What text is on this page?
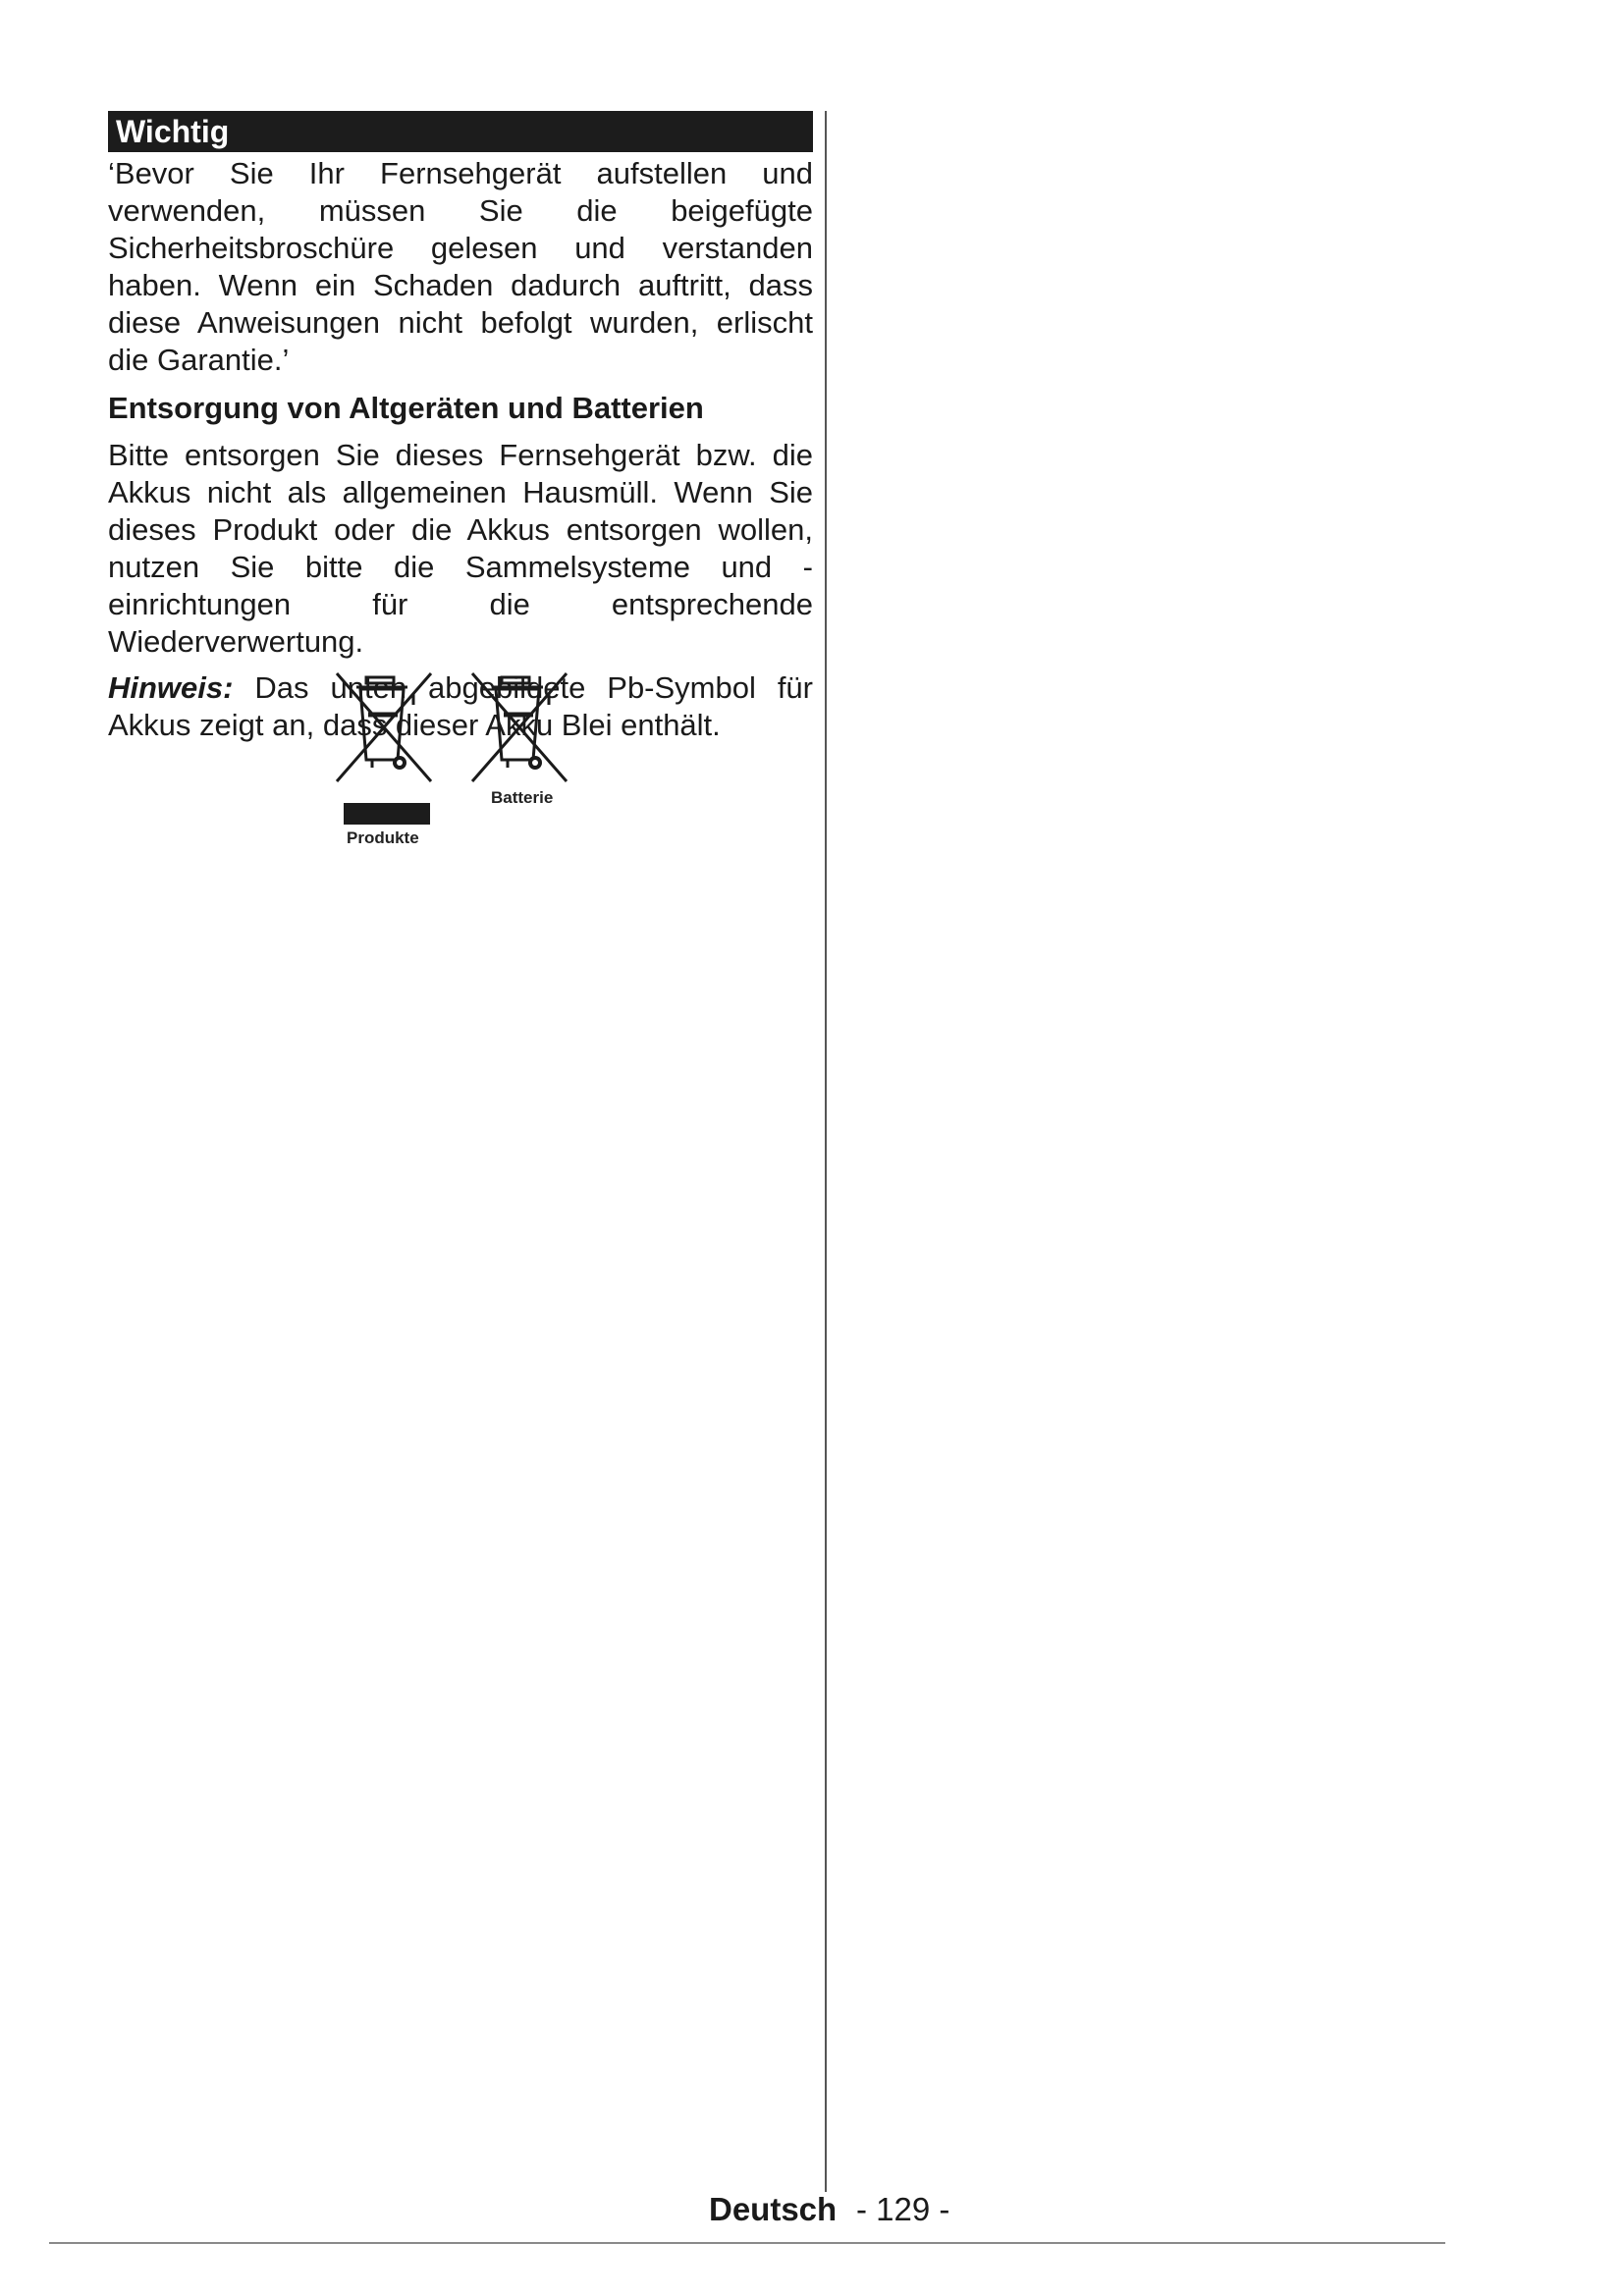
Wichtig

‘Bevor Sie Ihr Fernsehgerät aufstellen und verwenden, müssen Sie die beigefügte Sicherheitsbroschüre gelesen und verstanden haben. Wenn ein Schaden dadurch auftritt, dass diese Anweisungen nicht befolgt wurden, erlischt die Garantie.’

Entsorgung von Altgeräten und Batterien

Bitte entsorgen Sie dieses Fernsehgerät bzw. die Akkus nicht als allgemeinen Hausmüll. Wenn Sie dieses Produkt oder die Akkus entsorgen wollen, nutzen Sie bitte die Sammelsysteme und -einrichtungen für die entsprechende Wiederverwertung.

Hinweis: Das unten abgebildete Pb-Symbol für Akkus zeigt an, dass dieser Akku Blei enthält.

Produkte
Batterie
Deutsch - 129 -
